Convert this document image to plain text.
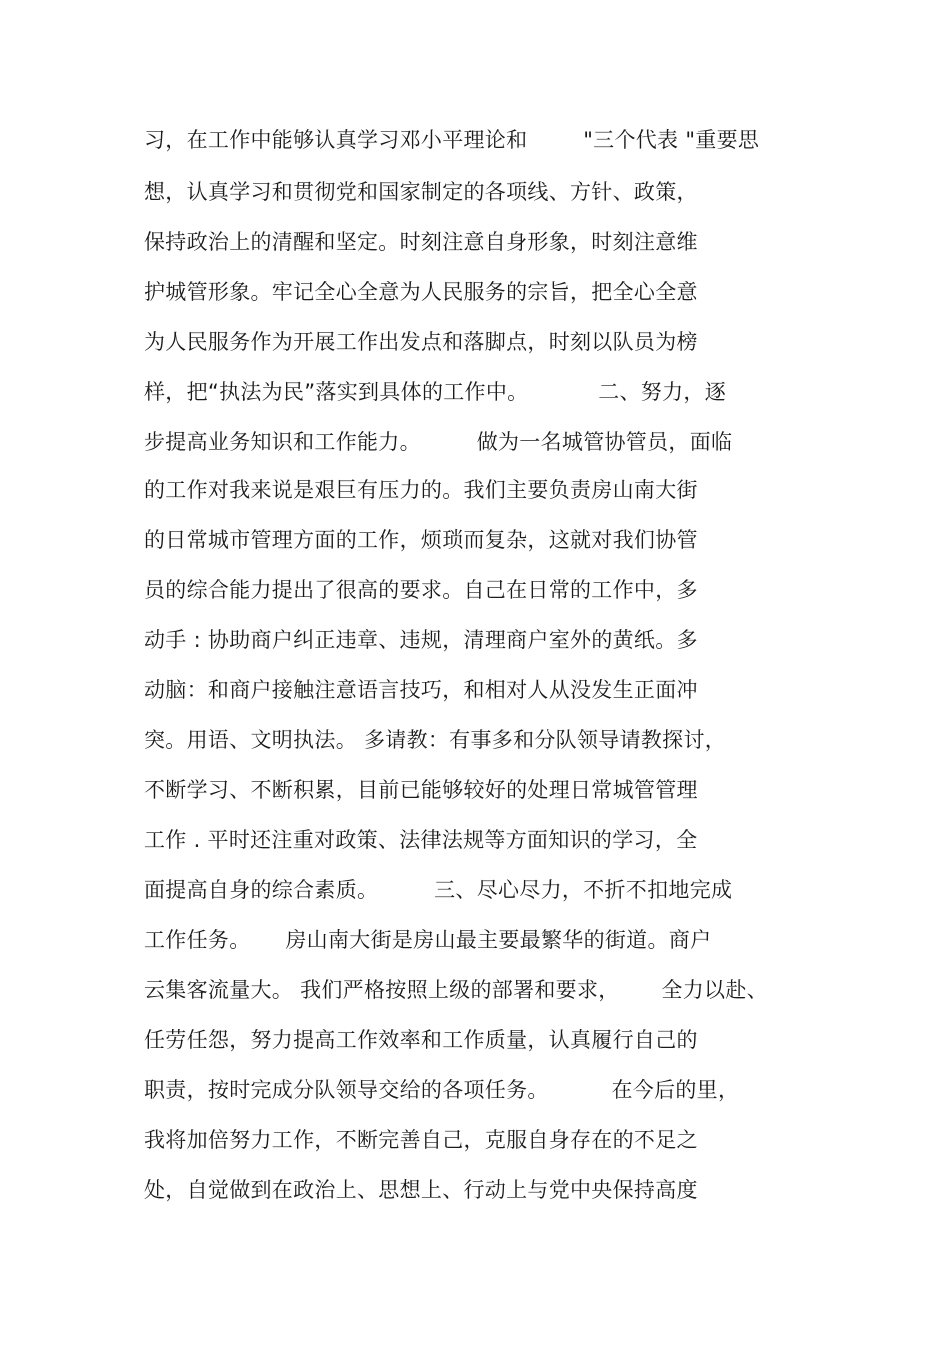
习，在工作中能够认真学习邓小平理论和        "三个代表 "重要思
想，认真学习和贯彻党和国家制定的各项线、方针、政策，
保持政治上的清醒和坚定。时刻注意自身形象，时刻注意维
护城管形象。牢记全心全意为人民服务的宗旨，把全心全意
为人民服务作为开展工作出发点和落脚点，时刻以队员为榜
样，把“执法为民”落实到具体的工作中。          二、努力，逐
步提高业务知识和工作能力。        做为一名城管协管员，面临
的工作对我来说是艰巨有压力的。我们主要负责房山南大街
的日常城市管理方面的工作，烦琐而复杂，这就对我们协管
员的综合能力提出了很高的要求。自己在日常的工作中，多
动手 : 协助商户纠正违章、违规，清理商户室外的黄纸。多
动脑：和商户接触注意语言技巧，和相对人从没发生正面冲
突。用语、文明执法。 多请教：有事多和分队领导请教探讨，
不断学习、不断积累，目前已能够较好的处理日常城管管理
工作 . 平时还注重对政策、法律法规等方面知识的学习，全
面提高自身的综合素质。        三、尽心尽力，不折不扣地完成
工作任务。     房山南大街是房山最主要最繁华的街道。商户
云集客流量大。 我们严格按照上级的部署和要求，      全力以赴、
任劳任怨，努力提高工作效率和工作质量，认真履行自己的
职责，按时完成分队领导交给的各项任务。         在今后的里，
我将加倍努力工作，不断完善自己，克服自身存在的不足之
处，自觉做到在政治上、思想上、行动上与党中央保持高度
